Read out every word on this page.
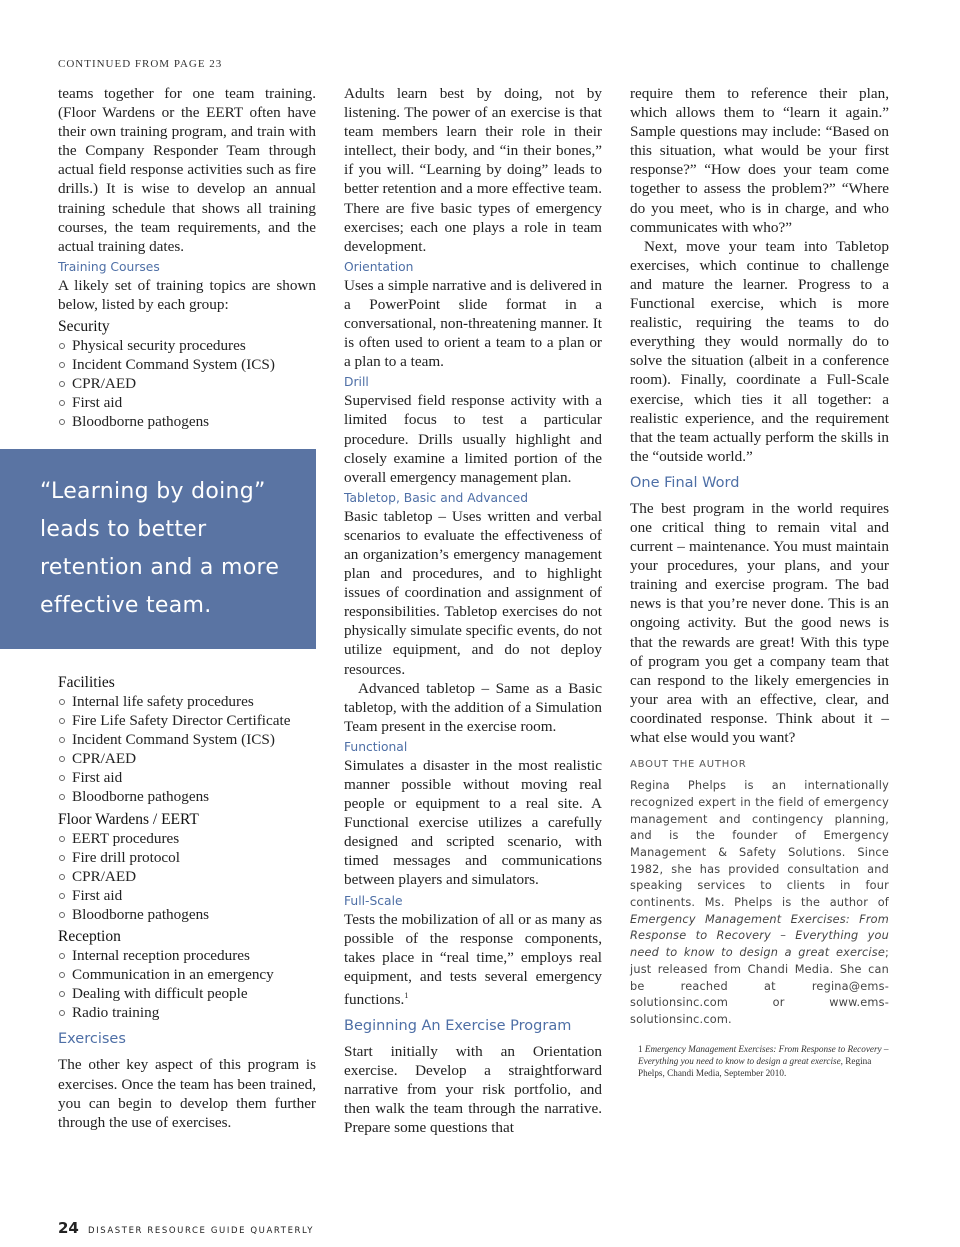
CONTINUED FROM PAGE 23

teams together for one team training. (Floor Wardens or the EERT often have their own training program, and train with the Company Responder Team through actual field response activities such as fire drills.) It is wise to develop an annual training schedule that shows all training courses, the team requirements, and the actual training dates.

Training Courses

A likely set of training topics are shown below, listed by each group:

Security
Physical security procedures
Incident Command System (ICS)
CPR/AED
First aid
Bloodborne pathogens
“Learning by doing” leads to better retention and a more effective team.
Facilities
Internal life safety procedures
Fire Life Safety Director Certificate
Incident Command System (ICS)
CPR/AED
First aid
Bloodborne pathogens
Floor Wardens / EERT
EERT procedures
Fire drill protocol
CPR/AED
First aid
Bloodborne pathogens
Reception
Internal reception procedures
Communication in an emergency
Dealing with difficult people
Radio training
Exercises

The other key aspect of this program is exercises. Once the team has been trained, you can begin to develop them further through the use of exercises.

Adults learn best by doing, not by listening. The power of an exercise is that team members learn their role in their intellect, their body, and “in their bones,” if you will. “Learning by doing” leads to better retention and a more effective team. There are five basic types of emergency exercises; each one plays a role in team development.

Orientation

Uses a simple narrative and is delivered in a PowerPoint slide format in a conversational, non-threatening manner. It is often used to orient a team to a plan or a plan to a team.

Drill

Supervised field response activity with a limited focus to test a particular procedure. Drills usually highlight and closely examine a limited portion of the overall emergency management plan.

Tabletop, Basic and Advanced

Basic tabletop – Uses written and verbal scenarios to evaluate the effectiveness of an organization’s emergency management plan and procedures, and to highlight issues of coordination and assignment of responsibilities. Tabletop exercises do not physically simulate specific events, do not utilize equipment, and do not deploy resources.

Advanced tabletop – Same as a Basic tabletop, with the addition of a Simulation Team present in the exercise room.

Functional

Simulates a disaster in the most realistic manner possible without moving real people or equipment to a real site. A Functional exercise utilizes a carefully designed and scripted scenario, with timed messages and communications between players and simulators.

Full-Scale

Tests the mobilization of all or as many as possible of the response components, takes place in “real time,” employs real equipment, and tests several emergency functions.$^1$

Beginning An Exercise Program

Start initially with an Orientation exercise. Develop a straightforward narrative from your risk portfolio, and then walk the team through the narrative. Prepare some questions that

require them to reference their plan, which allows them to “learn it again.” Sample questions may include: “Based on this situation, what would be your first response?” “How does your team come together to assess the problem?” “Where do you meet, who is in charge, and who communicates with who?”

Next, move your team into Tabletop exercises, which continue to challenge and mature the learner. Progress to a Functional exercise, which is more realistic, requiring the teams to do everything they would normally do to solve the situation (albeit in a conference room). Finally, coordinate a Full-Scale exercise, which ties it all together: a realistic experience, and the requirement that the team actually perform the skills in the “outside world.”

One Final Word

The best program in the world requires one critical thing to remain vital and current – maintenance. You must maintain your procedures, your plans, and your training and exercise program. The bad news is that you’re never done. This is an ongoing activity. But the good news is that the rewards are great! With this type of program you get a company team that can respond to the likely emergencies in your area with an effective, clear, and coordinated response. Think about it – what else would you want?

ABOUT THE AUTHOR

Regina Phelps is an internationally recognized expert in the field of emergency management and contingency planning, and is the founder of Emergency Management & Safety Solutions. Since 1982, she has provided consultation and speaking services to clients in four continents. Ms. Phelps is the author of Emergency Management Exercises: From Response to Recovery – Everything you need to know to design a great exercise; just released from Chandi Media. She can be reached at regina@ems-solutionsinc.com or www.ems-solutionsinc.com.

1 Emergency Management Exercises: From Response to Recovery – Everything you need to know to design a great exercise, Regina Phelps, Chandi Media, September 2010.
24 DISASTER RESOURCE GUIDE QUARTERLY
